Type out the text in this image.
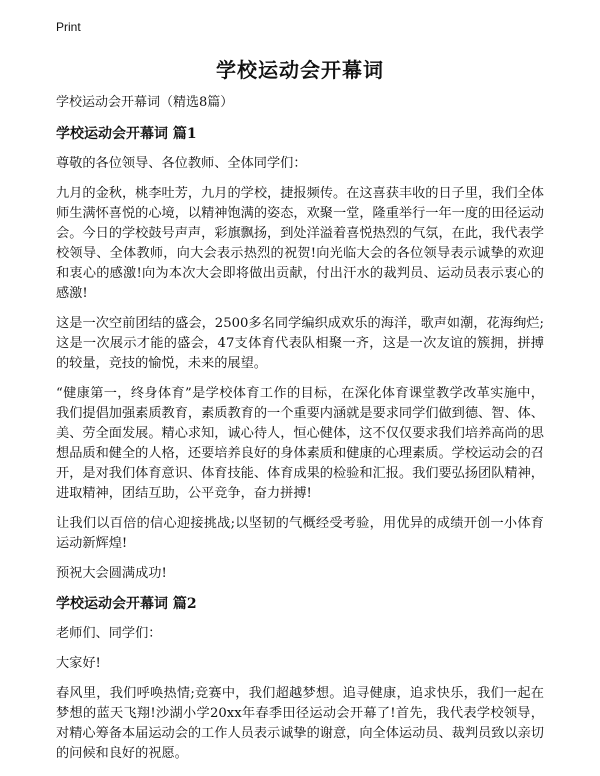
Print
学校运动会开幕词
学校运动会开幕词（精选8篇）
学校运动会开幕词 篇1

尊敬的各位领导、各位教师、全体同学们：

九月的金秋，桃李吐芳，九月的学校，捷报频传。在这喜获丰收的日子里，我们全体师生满怀喜悦的心境，以精神饱满的姿态，欢聚一堂，隆重举行一年一度的田径运动会。今日的学校鼓号声声，彩旗飘扬，到处洋溢着喜悦热烈的气氛，在此，我代表学校领导、全体教师，向大会表示热烈的祝贺!向光临大会的各位领导表示诚挚的欢迎和衷心的感激!向为本次大会即将做出贡献，付出汗水的裁判员、运动员表示衷心的感激!

这是一次空前团结的盛会，2500多名同学编织成欢乐的海洋，歌声如潮，花海绚烂;这是一次展示才能的盛会，47支体育代表队相聚一齐，这是一次友谊的簇拥，拼搏的较量，竞技的愉悦，未来的展望。

“健康第一，终身体育”是学校体育工作的目标，在深化体育课堂教学改革实施中，我们提倡加强素质教育，素质教育的一个重要内涵就是要求同学们做到德、智、体、美、劳全面发展。精心求知，诚心待人，恒心健体，这不仅仅要求我们培养高尚的思想品质和健全的人格，还要培养良好的身体素质和健康的心理素质。学校运动会的召开，是对我们体育意识、体育技能、体育成果的检验和汇报。我们要弘扬团队精神，进取精神，团结互助，公平竞争，奋力拼搏!

让我们以百倍的信心迎接挑战;以坚韧的气概经受考验，用优异的成绩开创一小体育运动新辉煌!

预祝大会圆满成功!

学校运动会开幕词 篇2

老师们、同学们：

大家好!

春风里，我们呼唤热情;竞赛中，我们超越梦想。追寻健康，追求快乐，我们一起在梦想的蓝天飞翔!沙湖小学20xx年春季田径运动会开幕了!首先，我代表学校领导，对精心筹备本届运动会的工作人员表示诚挚的谢意，向全体运动员、裁判员致以亲切的问候和良好的祝愿。
